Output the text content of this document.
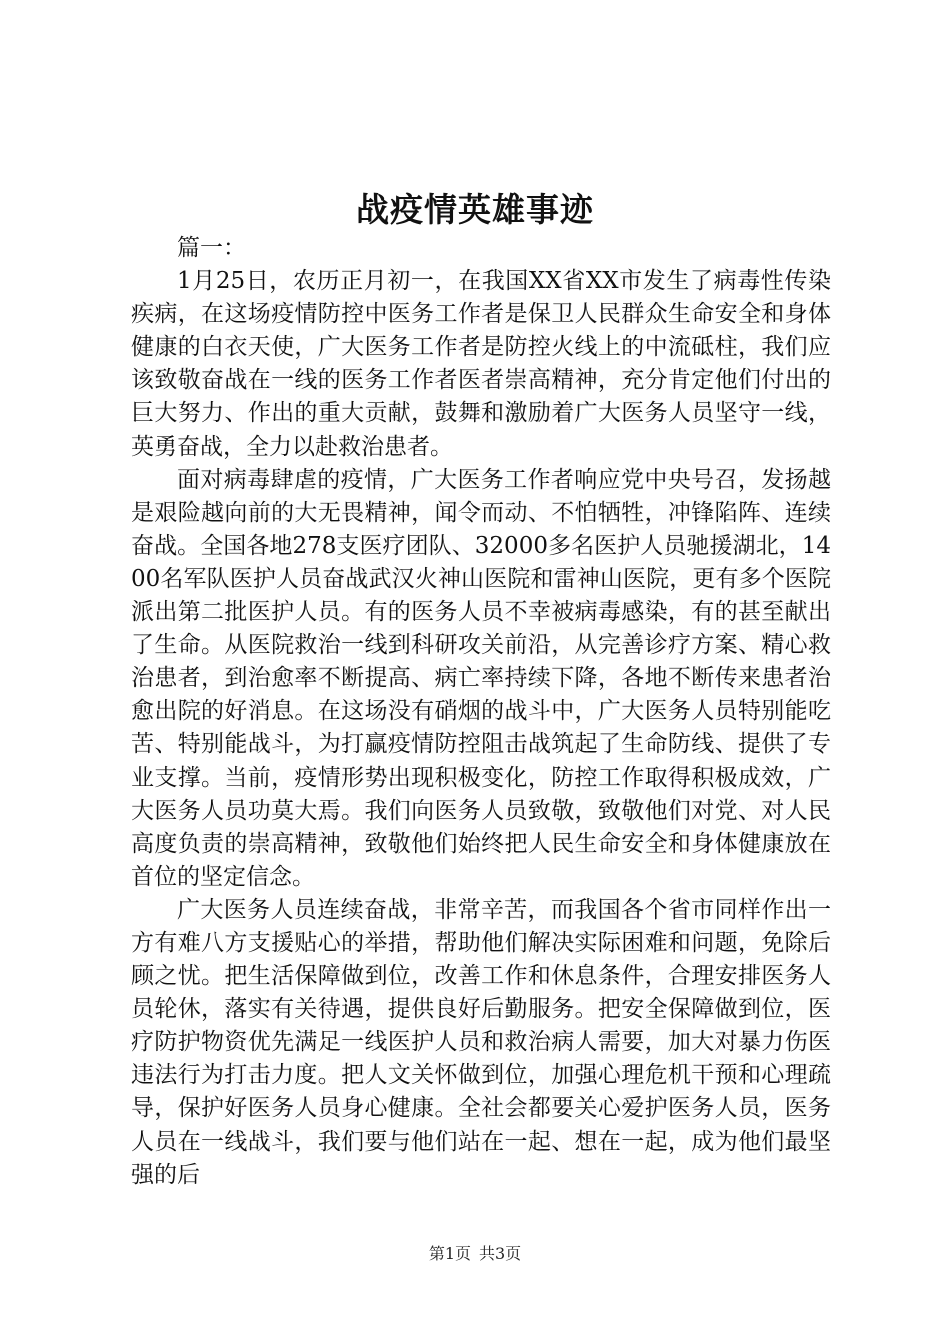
战疫情英雄事迹

篇一：

1月25日，农历正月初一，在我国XX省XX市发生了病毒性传染疾病，在这场疫情防控中医务工作者是保卫人民群众生命安全和身体健康的白衣天使，广大医务工作者是防控火线上的中流砥柱，我们应该致敬奋战在一线的医务工作者医者崇高精神，充分肯定他们付出的巨大努力、作出的重大贡献，鼓舞和激励着广大医务人员坚守一线，英勇奋战，全力以赴救治患者。

面对病毒肆虐的疫情，广大医务工作者响应党中央号召，发扬越是艰险越向前的大无畏精神，闻令而动、不怕牺牲，冲锋陷阵、连续奋战。全国各地278支医疗团队、32000多名医护人员驰援湖北，1400名军队医护人员奋战武汉火神山医院和雷神山医院，更有多个医院派出第二批医护人员。有的医务人员不幸被病毒感染，有的甚至献出了生命。从医院救治一线到科研攻关前沿，从完善诊疗方案、精心救治患者，到治愈率不断提高、病亡率持续下降，各地不断传来患者治愈出院的好消息。在这场没有硝烟的战斗中，广大医务人员特别能吃苦、特别能战斗，为打赢疫情防控阻击战筑起了生命防线、提供了专业支撑。当前，疫情形势出现积极变化，防控工作取得积极成效，广大医务人员功莫大焉。我们向医务人员致敬，致敬他们对党、对人民高度负责的崇高精神，致敬他们始终把人民生命安全和身体健康放在首位的坚定信念。

广大医务人员连续奋战，非常辛苦，而我国各个省市同样作出一方有难八方支援贴心的举措，帮助他们解决实际困难和问题，免除后顾之忧。把生活保障做到位，改善工作和休息条件，合理安排医务人员轮休，落实有关待遇，提供良好后勤服务。把安全保障做到位，医疗防护物资优先满足一线医护人员和救治病人需要，加大对暴力伤医违法行为打击力度。把人文关怀做到位，加强心理危机干预和心理疏导，保护好医务人员身心健康。全社会都要关心爱护医务人员，医务人员在一线战斗，我们要与他们站在一起、想在一起，成为他们最坚强的后

第1页 共3页
